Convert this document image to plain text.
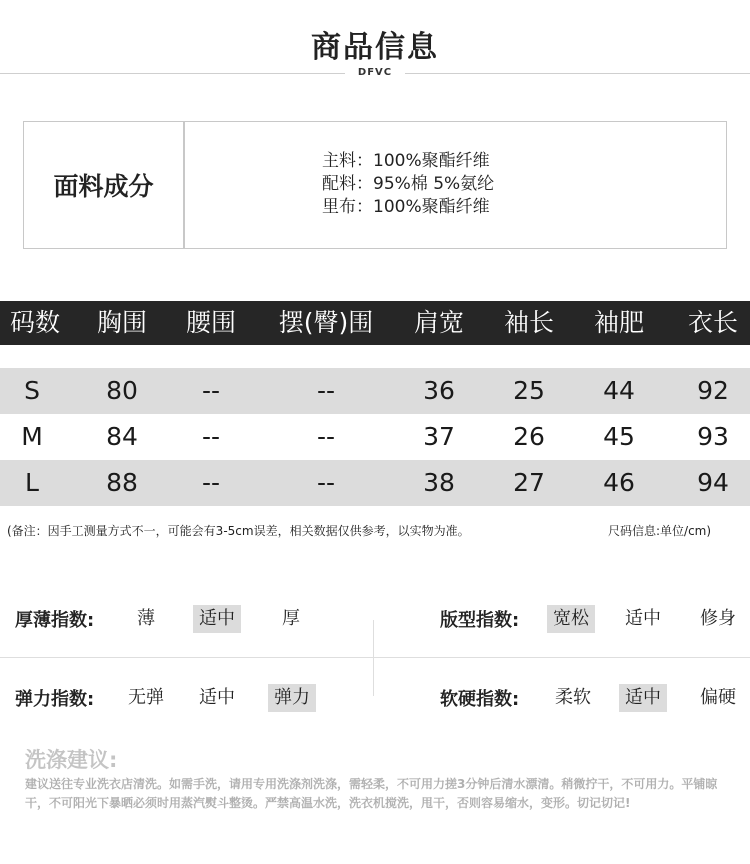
商品信息
DFVC
面料成分
主料：100%聚酯纤维
配料：95%棉 5%氨纶
里布：100%聚酯纤维
码数 胸围 腰围 摆(臀)围 肩宽 袖长 袖肥 衣长
S	80	--	--	36 25 44 92
M	84	--	--	37 26 45 93
L	88	--	--	38 27 46 94
(备注：因手工测量方式不一，可能会有3-5cm误差，相关数据仅供参考，以实物为准。	尺码信息:单位/cm)
厚薄指数:	薄	适中	厚	版型指数:	宽松	适中	修身
弹力指数:	无弹	适中	弹力	软硬指数:	柔软	适中	偏硬
洗涤建议:
建议送往专业洗衣店清洗。如需手洗，请用专用洗涤剂洗涤，需轻柔，不可用力搓3分钟后清水漂清。稍微拧干，不可用力。平铺晾干，不可阳光下暴晒必须时用蒸汽熨斗整烫。严禁高温水洗，洗衣机搅洗，甩干，否则容易缩水，变形。切记切记!
